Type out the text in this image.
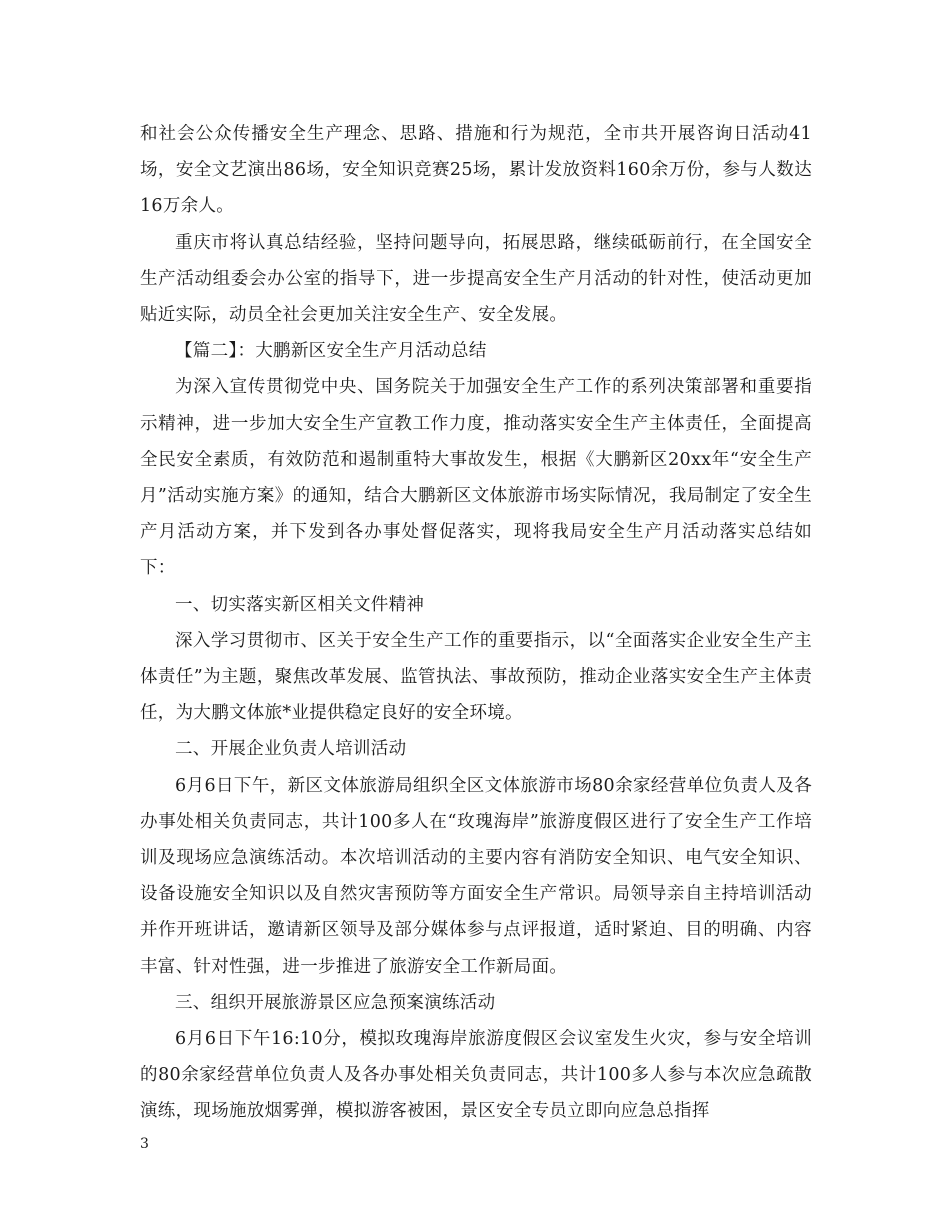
和社会公众传播安全生产理念、思路、措施和行为规范，全市共开展咨询日活动41场，安全文艺演出86场，安全知识竞赛25场，累计发放资料160余万份，参与人数达16万余人。

重庆市将认真总结经验，坚持问题导向，拓展思路，继续砥砺前行，在全国安全生产活动组委会办公室的指导下，进一步提高安全生产月活动的针对性，使活动更加贴近实际，动员全社会更加关注安全生产、安全发展。

【篇二】：大鹏新区安全生产月活动总结

为深入宣传贯彻党中央、国务院关于加强安全生产工作的系列决策部署和重要指示精神，进一步加大安全生产宣教工作力度，推动落实安全生产主体责任，全面提高全民安全素质，有效防范和遏制重特大事故发生，根据《大鹏新区20xx年“安全生产月”活动实施方案》的通知，结合大鹏新区文体旅游市场实际情况，我局制定了安全生产月活动方案，并下发到各办事处督促落实，现将我局安全生产月活动落实总结如下：

一、切实落实新区相关文件精神

深入学习贯彻市、区关于安全生产工作的重要指示，以“全面落实企业安全生产主体责任”为主题，聚焦改革发展、监管执法、事故预防，推动企业落实安全生产主体责任，为大鹏文体旅*业提供稳定良好的安全环境。

二、开展企业负责人培训活动

6月6日下午，新区文体旅游局组织全区文体旅游市场80余家经营单位负责人及各办事处相关负责同志，共计100多人在“玫瑰海岸”旅游度假区进行了安全生产工作培训及现场应急演练活动。本次培训活动的主要内容有消防安全知识、电气安全知识、设备设施安全知识以及自然灾害预防等方面安全生产常识。局领导亲自主持培训活动并作开班讲话，邀请新区领导及部分媒体参与点评报道，适时紧迫、目的明确、内容丰富、针对性强，进一步推进了旅游安全工作新局面。

三、组织开展旅游景区应急预案演练活动

6月6日下午16:10分，模拟玫瑰海岸旅游度假区会议室发生火灾，参与安全培训的80余家经营单位负责人及各办事处相关负责同志，共计100多人参与本次应急疏散演练，现场施放烟雾弹，模拟游客被困，景区安全专员立即向应急总指挥

3
